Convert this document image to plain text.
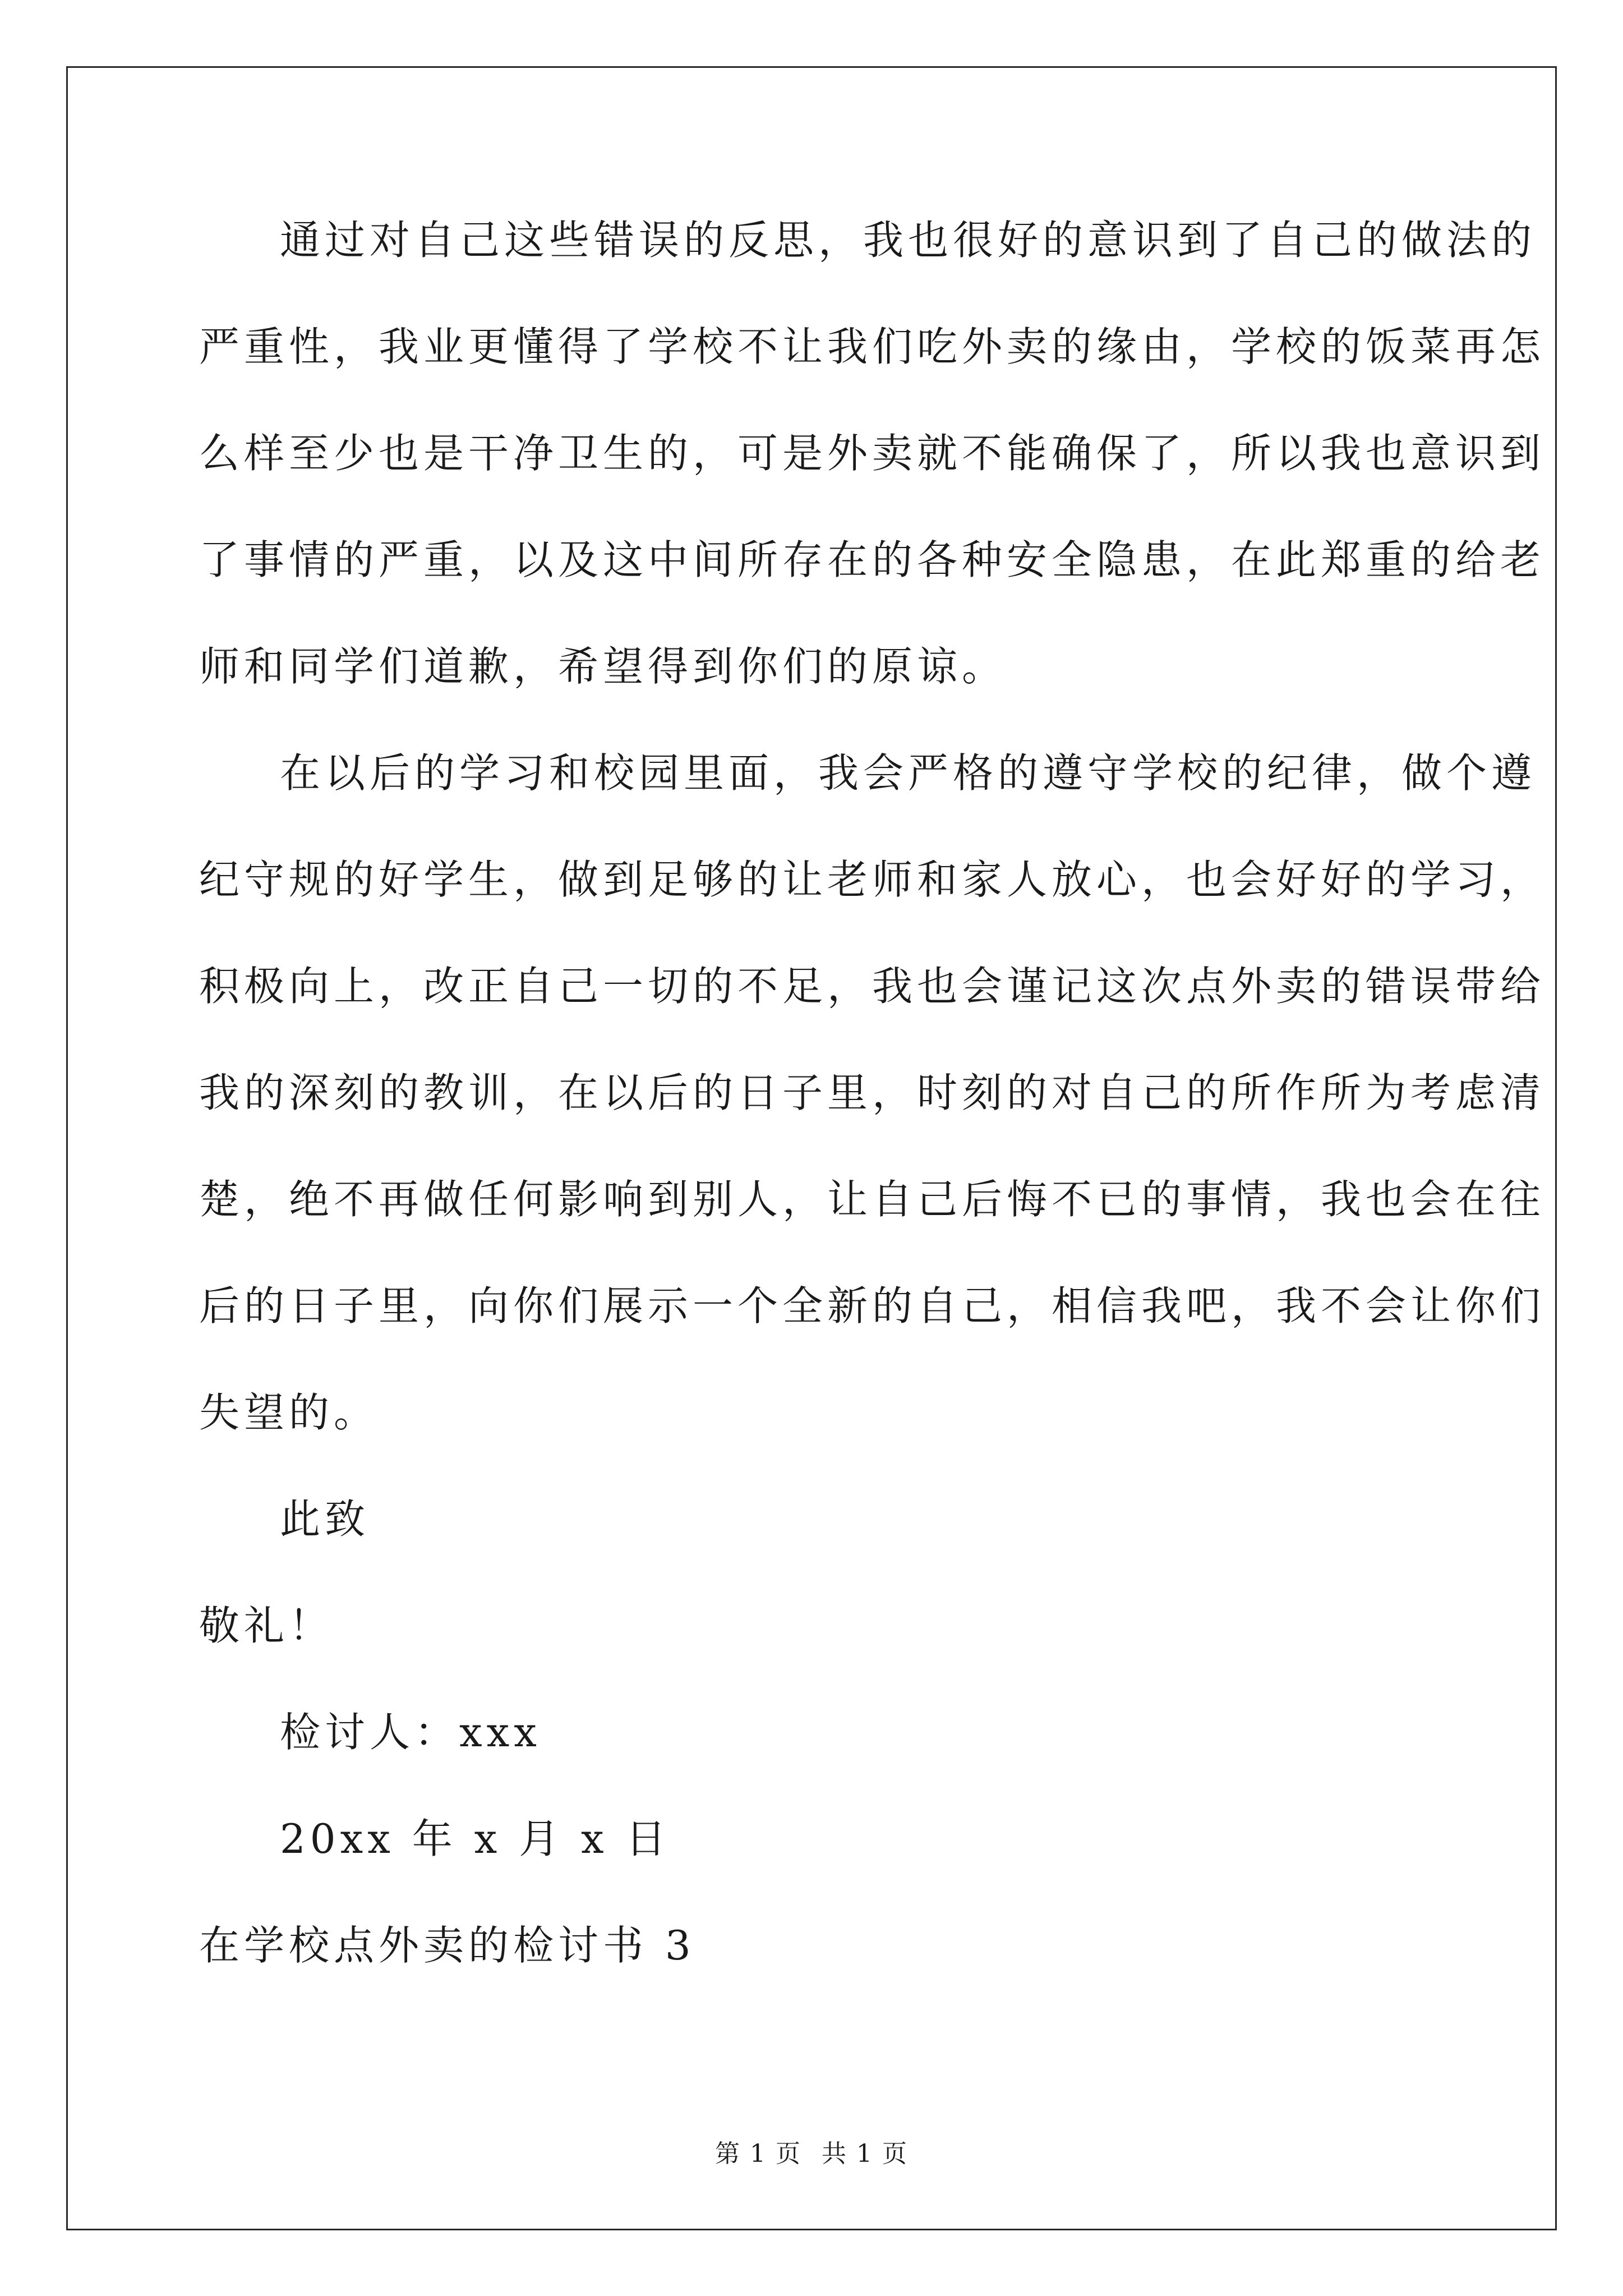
通过对自己这些错误的反思，我也很好的意识到了自己的做法的
严重性，我业更懂得了学校不让我们吃外卖的缘由，学校的饭菜再怎
么样至少也是干净卫生的，可是外卖就不能确保了，所以我也意识到
了事情的严重，以及这中间所存在的各种安全隐患，在此郑重的给老
师和同学们道歉，希望得到你们的原谅。
在以后的学习和校园里面，我会严格的遵守学校的纪律，做个遵
纪守规的好学生，做到足够的让老师和家人放心，也会好好的学习，
积极向上，改正自己一切的不足，我也会谨记这次点外卖的错误带给
我的深刻的教训，在以后的日子里，时刻的对自己的所作所为考虑清
楚，绝不再做任何影响到别人，让自己后悔不已的事情，我也会在往
后的日子里，向你们展示一个全新的自己，相信我吧，我不会让你们
失望的。
此致
敬礼！
检讨人：xxx
20xx 年 x 月 x 日
在学校点外卖的检讨书 3
第 1 页 共 1 页
